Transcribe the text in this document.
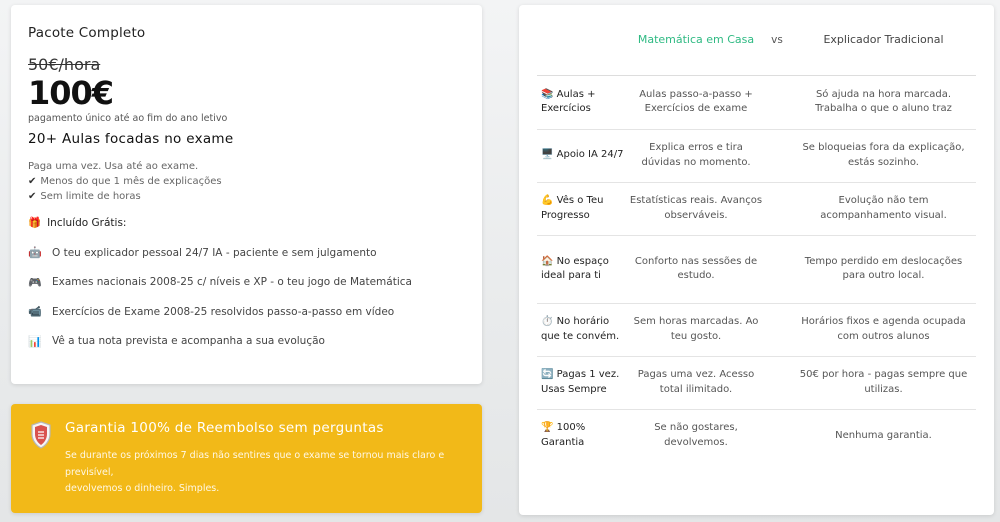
Pacote Completo
50€/hora
100€
pagamento único até ao fim do ano letivo
20+ Aulas focadas no exame
Paga uma vez. Usa até ao exame.
✔ Menos do que 1 mês de explicações
✔ Sem limite de horas
🎁 Incluído Grátis:
🤖 O teu explicador pessoal 24/7 IA - paciente e sem julgamento
🎮 Exames nacionais 2008-25 c/ níveis e XP - o teu jogo de Matemática
📹 Exercícios de Exame 2008-25 resolvidos passo-a-passo em vídeo
📊 Vê a tua nota prevista e acompanha a sua evolução
Garantia 100% de Reembolso sem perguntas
Se durante os próximos 7 dias não sentires que o exame se tornou mais claro e previsível,
devolvemos o dinheiro. Simples.
	Matemática em Casa	vs	Explicador Tradicional
📚 Aulas + Exercícios	Aulas passo-a-passo + Exercícios de exame		Só ajuda na hora marcada. Trabalha o que o aluno traz
🖥️ Apoio IA 24/7	Explica erros e tira dúvidas no momento.		Se bloqueias fora da explicação, estás sozinho.
💪 Vês o Teu Progresso	Estatísticas reais. Avanços observáveis.		Evolução não tem acompanhamento visual.
🏠 No espaço ideal para ti	Conforto nas sessões de estudo.		Tempo perdido em deslocações para outro local.
⏱️ No horário que te convém.	Sem horas marcadas. Ao teu gosto.		Horários fixos e agenda ocupada com outros alunos
🔄 Pagas 1 vez. Usas Sempre	Pagas uma vez. Acesso total ilimitado.		50€ por hora - pagas sempre que utilizas.
🏆 100% Garantia	Se não gostares, devolvemos.		Nenhuma garantia.
